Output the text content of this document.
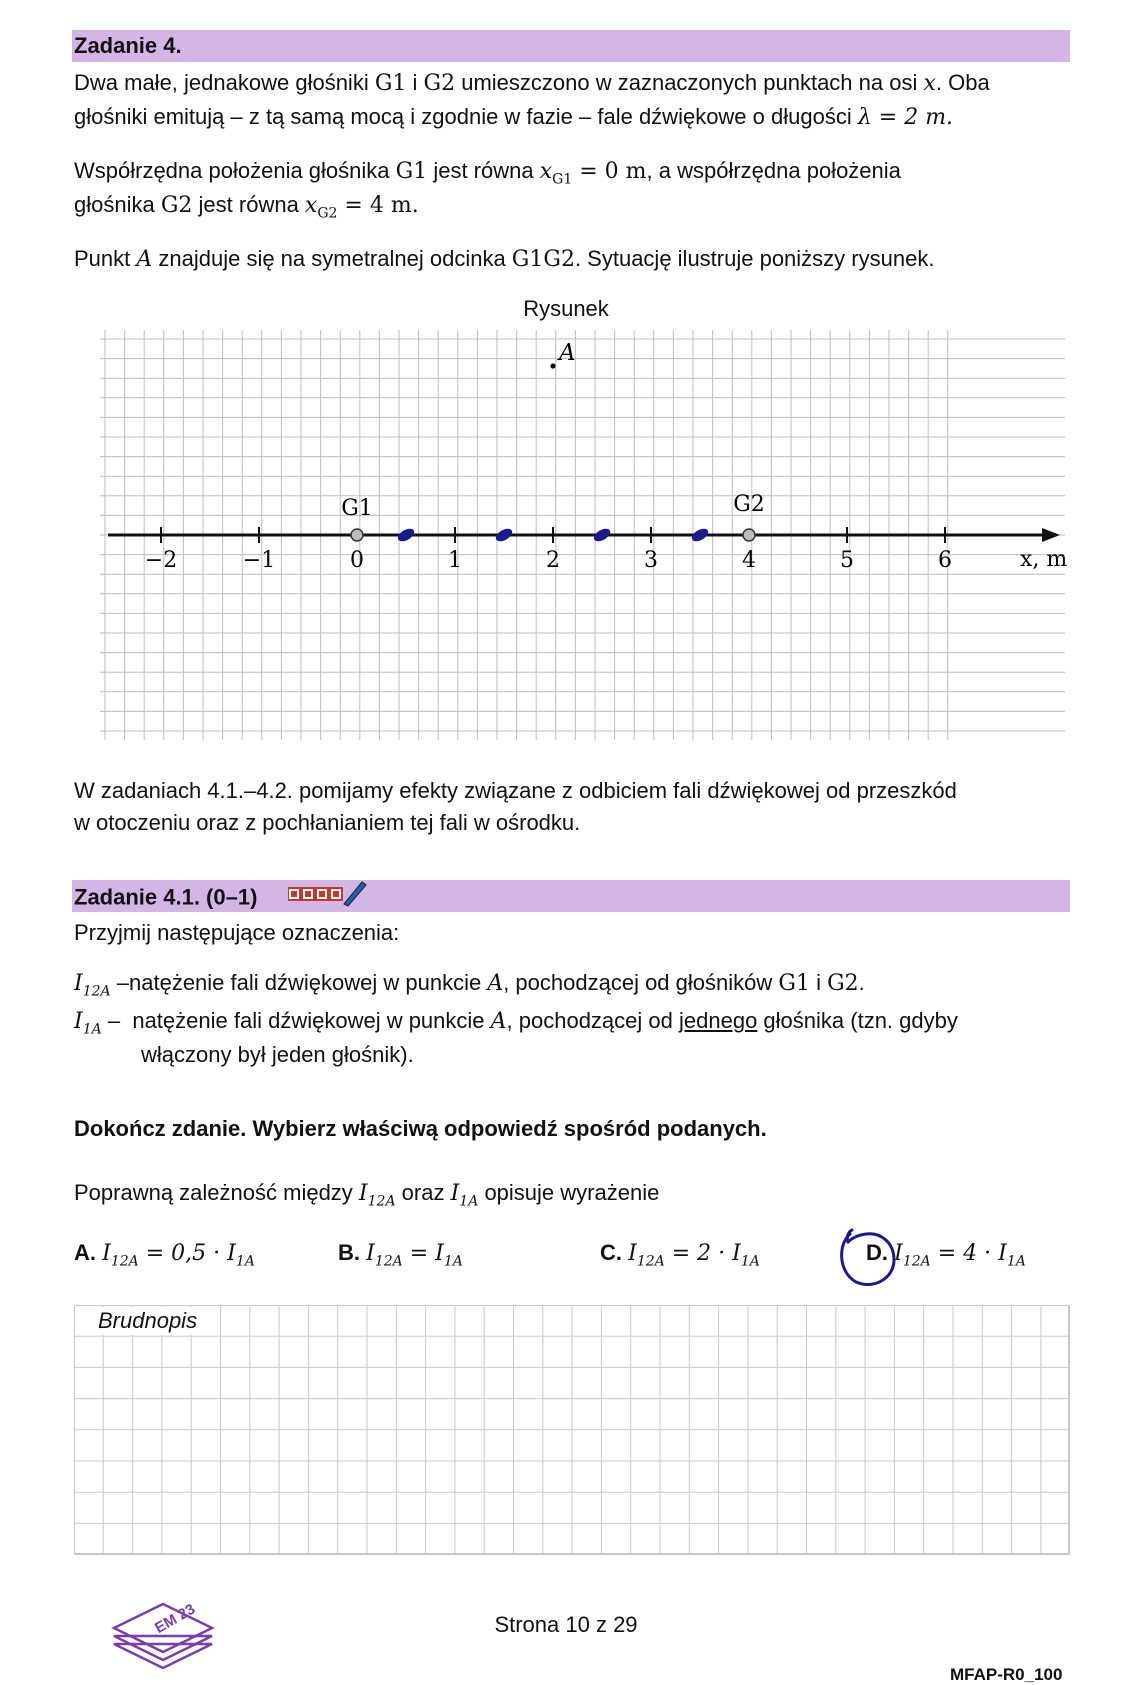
Zadanie 4.
Dwa małe, jednakowe głośniki G1 i G2 umieszczono w zaznaczonych punktach na osi x. Oba
głośniki emitują – z tą samą mocą i zgodnie w fazie – fale dźwiękowe o długości λ = 2 m.
Współrzędna położenia głośnika G1 jest równa $x_{G1} = 0$ m, a współrzędna położenia
głośnika G2 jest równa $x_{G2} = 4$ m.
Punkt A znajduje się na symetralnej odcinka G1G2. Sytuację ilustruje poniższy rysunek.
Rysunek
−2	−1	0	1	2	3	4	5	6
G1	G2
A
x, m
W zadaniach 4.1.–4.2. pomijamy efekty związane z odbiciem fali dźwiękowej od przeszkód
w otoczeniu oraz z pochłanianiem tej fali w ośrodku.
Zadanie 4.1. (0–1)
Przyjmij następujące oznaczenia:
$I_{12A}$ –natężenie fali dźwiękowej w punkcie A, pochodzącej od głośników G1 i G2.
$I_{1A}$ – natężenie fali dźwiękowej w punkcie A, pochodzącej od jednego głośnika (tzn. gdyby
włączony był jeden głośnik).
Dokończ zdanie. Wybierz właściwą odpowiedź spośród podanych.
Poprawną zależność między $I_{12A}$ oraz $I_{1A}$ opisuje wyrażenie
A. $I_{12A} = 0,5 \cdot I_{1A}$	B. $I_{12A} = I_{1A}$	C. $I_{12A} = 2 \cdot I_{1A}$	D. $I_{12A} = 4 \cdot I_{1A}$
Brudnopis
EM 23	Strona 10 z 29
MFAP-R0_100
